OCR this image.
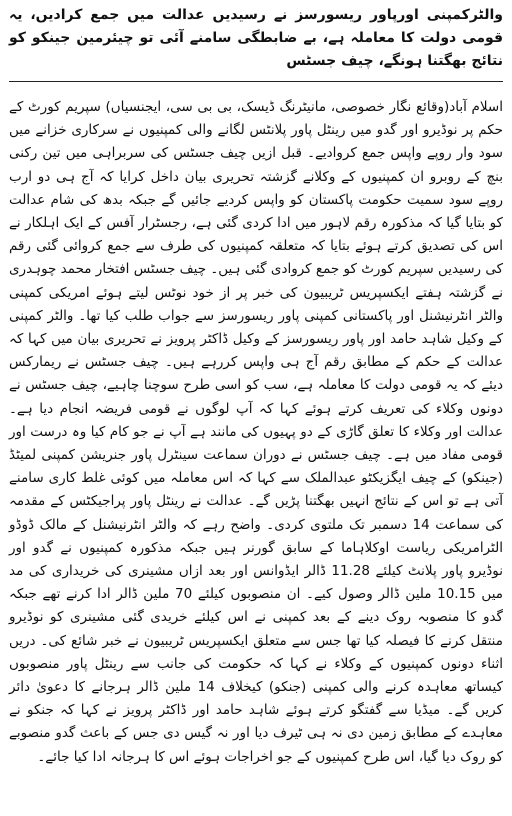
والٹرکمپنی اورپاور ریسورسز نے رسیدیں عدالت میں جمع کرادیں، یہ قومی دولت کا معاملہ ہے، بے ضابطگی سامنے آئی تو چیئرمین جینکو کو نتائج بھگتنا ہونگے، چیف جسٹس

اسلام آباد(وقائع نگار خصوصی، مانیٹرنگ ڈیسک، بی بی سی، ایجنسیاں) سپریم کورٹ کے حکم پر نوڈیرو اور گدو میں رینٹل پاور پلانٹس لگانے والی کمپنیوں نے سرکاری خزانے میں سود وار روپے واپس جمع کروادیے۔ قبل ازیں چیف جسٹس کی سربراہی میں تین رکنی بنچ کے روبرو ان کمپنیوں کے وکلانے گزشتہ تحریری بیان داخل کرایا کہ آج ہی دو ارب روپے سود سمیت حکومت پاکستان کو واپس کردیے جائیں گے جبکہ بدھ کی شام عدالت کو بتایا گیا کہ مذکورہ رقم لاہور میں ادا کردی گئی ہے، رجسٹرار آفس کے ایک اہلکار نے اس کی تصدیق کرتے ہوئے بتایا کہ متعلقہ کمپنیوں کی طرف سے جمع کروائی گئی رقم کی رسیدیں سپریم کورٹ کو جمع کروادی گئی ہیں۔ چیف جسٹس افتخار محمد چوہدری نے گزشتہ ہفتے ایکسپریس ٹریبیون کی خبر پر از خود نوٹس لیتے ہوئے امریکی کمپنی والٹر انٹرنیشنل اور پاکستانی کمپنی پاور ریسورسز سے جواب طلب کیا تھا۔ والٹر کمپنی کے وکیل شاہد حامد اور پاور ریسورسز کے وکیل ڈاکٹر پرویز نے تحریری بیان میں کہا کہ عدالت کے حکم کے مطابق رقم آج ہی واپس کررہے ہیں۔ چیف جسٹس نے ریمارکس دیئے کہ یہ قومی دولت کا معاملہ ہے، سب کو اسی طرح سوچنا چاہیے، چیف جسٹس نے دونوں وکلاء کی تعریف کرتے ہوئے کہا کہ آپ لوگوں نے قومی فریضہ انجام دیا ہے۔ عدالت اور وکلاء کا تعلق گاڑی کے دو پہیوں کی مانند ہے آپ نے جو کام کیا وہ درست اور قومی مفاد میں ہے۔ چیف جسٹس نے دوران سماعت سینٹرل پاور جنریشن کمپنی لمیٹڈ (جینکو) کے چیف ایگزیکٹو عبدالملک سے کہا کہ اس معاملہ میں کوئی غلط کاری سامنے آتی ہے تو اس کے نتائج انہیں بھگتنا پڑیں گے۔ عدالت نے رینٹل پاور پراجیکٹس کے مقدمہ کی سماعت 14 دسمبر تک ملتوی کردی۔ واضح رہے کہ والٹر انٹرنیشنل کے مالک ڈوڈو الٹرامریکی ریاست اوکلاہاما کے سابق گورنر ہیں جبکہ مذکورہ کمپنیوں نے گدو اور نوڈیرو پاور پلانٹ کیلئے 11.28 ڈالر ایڈوانس اور بعد ازاں مشینری کی خریداری کی مد میں 10.15 ملین ڈالر وصول کیے۔ ان منصوبوں کیلئے 70 ملین ڈالر ادا کرنے تھے جبکہ گدو کا منصوبہ روک دینے کے بعد کمپنی نے اس کیلئے خریدی گئی مشینری کو نوڈیرو منتقل کرنے کا فیصلہ کیا تھا جس سے متعلق ایکسپریس ٹریبیون نے خبر شائع کی۔ دریں اثناء دونوں کمپنیوں کے وکلاء نے کہا کہ حکومت کی جانب سے رینٹل پاور منصوبوں کیساتھ معاہدہ کرنے والی کمپنی (جنکو) کیخلاف 14 ملین ڈالر ہرجانے کا دعویٰ دائر کریں گے۔ میڈیا سے گفتگو کرتے ہوئے شاہد حامد اور ڈاکٹر پرویز نے کہا کہ جنکو نے معاہدے کے مطابق زمین دی نہ ہی ٹیرف دیا اور نہ گیس دی جس کے باعث گدو منصوبے کو روک دیا گیا، اس طرح کمپنیوں کے جو اخراجات ہوئے اس کا ہرجانہ ادا کیا جائے۔
